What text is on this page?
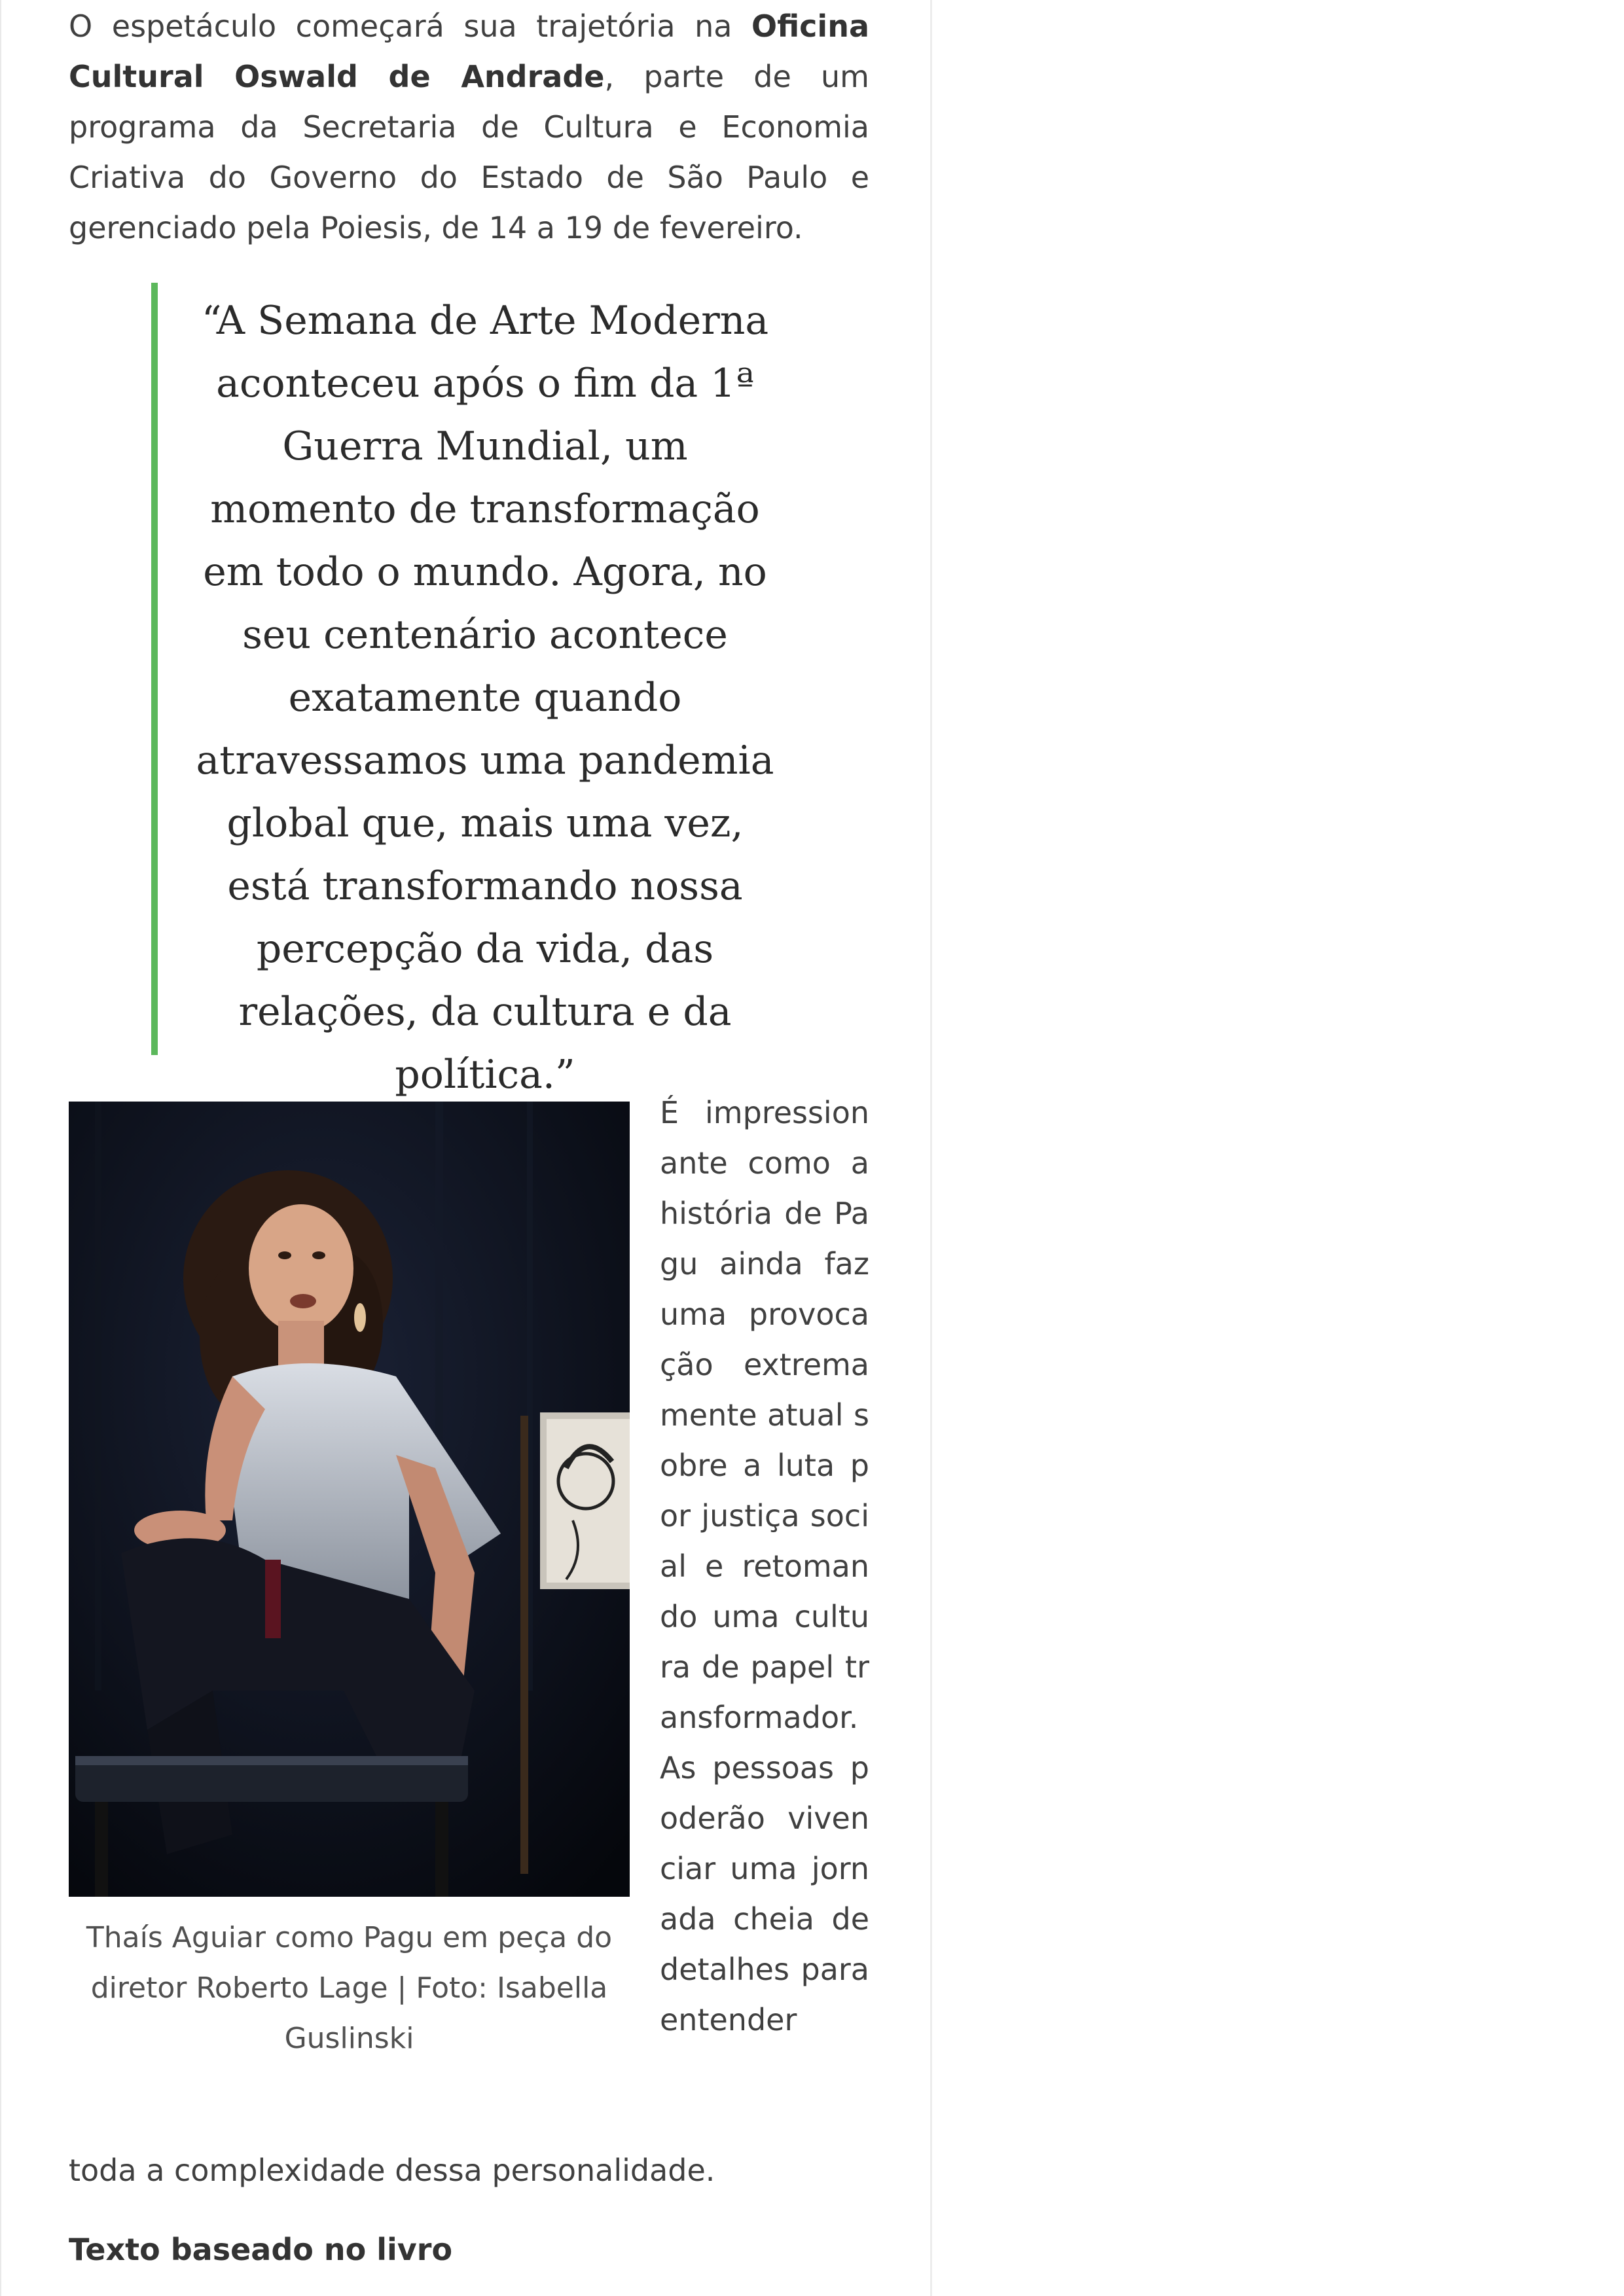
O espetáculo começará sua trajetória na Oficina Cultural Oswald de Andrade, parte de um programa da Secretaria de Cultura e Economia Criativa do Governo do Estado de São Paulo e gerenciado pela Poiesis, de 14 a 19 de fevereiro.

“A Semana de Arte Moderna aconteceu após o fim da 1ª Guerra Mundial, um momento de transformação em todo o mundo. Agora, no seu centenário acontece exatamente quando atravessamos uma pandemia global que, mais uma vez, está transformando nossa percepção da vida, das relações, da cultura e da política.”

Thaís Aguiar como Pagu em peça do diretor Roberto Lage | Foto: Isabella Guslinski

É impressionante como a história de Pagu ainda faz uma provocação extremamente atual sobre a luta por justiça social e retomando uma cultura de papel transformador. As pessoas poderão vivenciar uma jornada cheia de detalhes para entender

toda a complexidade dessa personalidade.

Texto baseado no livro
